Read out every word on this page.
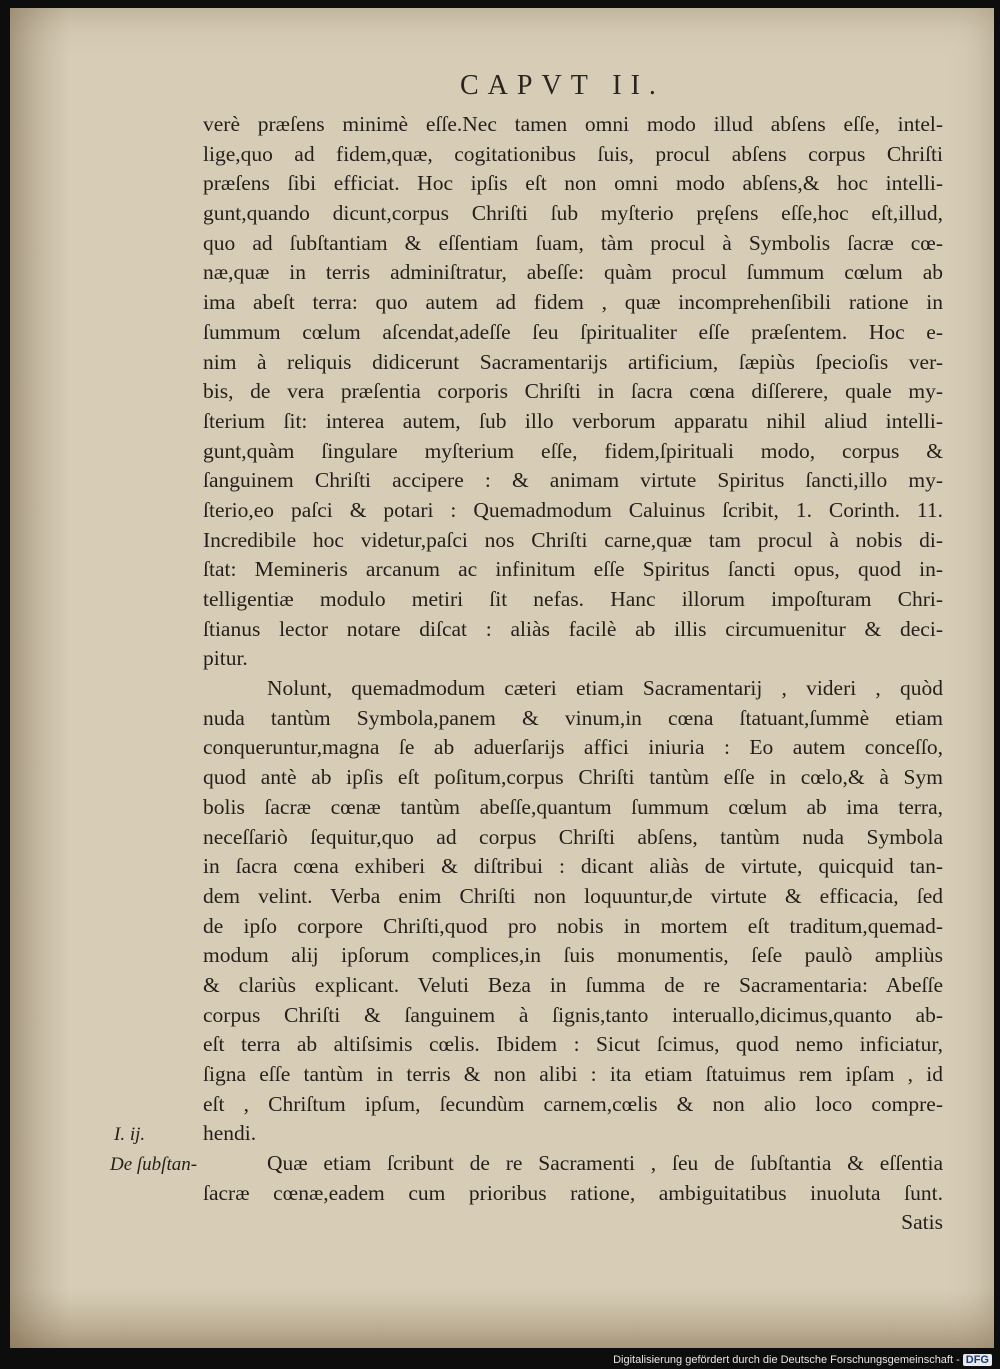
CAPVT II.
verè præſens minimè eſſe.Nec tamen omni modo illud abſens eſſe, intel-
lige,quo ad fidem,quæ, cogitationibus ſuis, procul abſens corpus Chriſti
præſens ſibi efficiat. Hoc ipſis eſt non omni modo abſens,& hoc intelli-
gunt,quando dicunt,corpus Chriſti ſub myſterio pręſens eſſe,hoc eſt,illud,
quo ad ſubſtantiam & eſſentiam ſuam, tàm procul à Symbolis ſacræ cœ-
næ,quæ in terris adminiſtratur, abeſſe: quàm procul ſummum cœlum ab
ima abeſt terra: quo autem ad fidem , quæ incomprehenſibili ratione in
ſummum cœlum aſcendat,adeſſe ſeu ſpiritualiter eſſe præſentem. Hoc e-
nim à reliquis didicerunt Sacramentarijs artificium, ſæpiùs ſpecioſis ver-
bis, de vera præſentia corporis Chriſti in ſacra cœna diſſerere, quale my-
ſterium ſit: interea autem, ſub illo verborum apparatu nihil aliud intelli-
gunt,quàm ſingulare myſterium eſſe, fidem,ſpirituali modo, corpus &
ſanguinem Chriſti accipere : & animam virtute Spiritus ſancti,illo my-
ſterio,eo paſci & potari : Quemadmodum Caluinus ſcribit, 1. Corinth. 11.
Incredibile hoc videtur,paſci nos Chriſti carne,quæ tam procul à nobis di-
ſtat: Memineris arcanum ac infinitum eſſe Spiritus ſancti opus, quod in-
telligentiæ modulo metiri ſit nefas. Hanc illorum impoſturam Chri-
ſtianus lector notare diſcat : aliàs facilè ab illis circumuenitur & deci-
pitur.
Nolunt, quemadmodum cæteri etiam Sacramentarij , videri , quòd
nuda tantùm Symbola,panem & vinum,in cœna ſtatuant,ſummè etiam
conqueruntur,magna ſe ab aduerſarijs affici iniuria : Eo autem conceſſo,
quod antè ab ipſis eſt poſitum,corpus Chriſti tantùm eſſe in cœlo,& à Sym
bolis ſacræ cœnæ tantùm abeſſe,quantum ſummum cœlum ab ima terra,
neceſſariò ſequitur,quo ad corpus Chriſti abſens, tantùm nuda Symbola
in ſacra cœna exhiberi & diſtribui : dicant aliàs de virtute, quicquid tan-
dem velint. Verba enim Chriſti non loquuntur,de virtute & efficacia, ſed
de ipſo corpore Chriſti,quod pro nobis in mortem eſt traditum,quemad-
modum alij ipſorum complices,in ſuis monumentis, ſeſe paulò ampliùs
& clariùs explicant. Veluti Beza in ſumma de re Sacramentaria: Abeſſe
corpus Chriſti & ſanguinem à ſignis,tanto interuallo,dicimus,quanto ab-
eſt terra ab altiſsimis cœlis. Ibidem : Sicut ſcimus, quod nemo inficiatur,
ſigna eſſe tantùm in terris & non alibi : ita etiam ſtatuimus rem ipſam , id
eſt , Chriſtum ipſum, ſecundùm carnem,cœlis & non alio loco compre-
hendi.
Quæ etiam ſcribunt de re Sacramenti , ſeu de ſubſtantia & eſſentia
ſacræ cœnæ,eadem cum prioribus ratione, ambiguitatibus inuoluta ſunt.
Satis
I. ij.
De ſubſtan-
Digitalisierung gefördert durch die Deutsche Forschungsgemeinschaft - DFG
